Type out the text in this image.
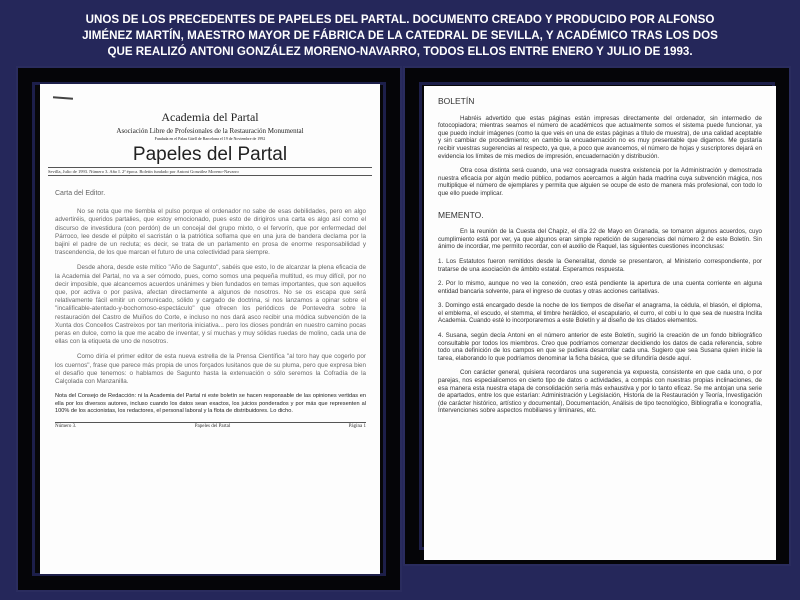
UNOS DE LOS PRECEDENTES DE PAPELES DEL PARTAL. DOCUMENTO CREADO Y PRODUCIDO POR ALFONSO
JIMÉNEZ MARTÍN, MAESTRO MAYOR DE FÁBRICA DE LA CATEDRAL DE SEVILLA, Y ACADÉMICO TRAS LOS DOS
QUE REALIZÓ ANTONI GONZÁLEZ MORENO-NAVARRO, TODOS ELLOS ENTRE ENERO Y JULIO DE 1993.
Academia del Partal
Asociación Libre de Profesionales de la Restauración Monumental
Fundada en el Palau Güell de Barcelona el 19 de Noviembre de 1992
Papeles del Partal
Sevilla, Julio de 1993. Número 3. Año I. 2ª época. Boletín fundado por Antoni González Moreno-Navarro

Carta del Editor.

No se nota que me tiembla el pulso porque el ordenador no sabe de esas debilidades, pero en algo advertiréis, queridos partalies, que estoy emocionado, pues esto de dirigiros una carta es algo así como el discurso de investidura (con perdón) de un concejal del grupo mixto, o el fervorín, que por enfermedad del Párroco, lee desde el púlpito el sacristán o la patriótica soflama que en una jura de bandera declama por la bajini el padre de un recluta; es decir, se trata de un parlamento en prosa de enorme responsabilidad y trascendencia, de los que marcan el futuro de una colectividad para siempre.

Desde ahora, desde este mítico "Año de Sagunto", sabéis que esto, lo de alcanzar la plena eficacia de la Academia del Partal, no va a ser cómodo, pues, como somos una pequeña multitud, es muy difícil, por no decir imposible, que alcancemos acuerdos unánimes y bien fundados en temas importantes, que son aquellos que, por activa o por pasiva, afectan directamente a algunos de nosotros. No se os escapa que será relativamente fácil emitir un comunicado, sólido y cargado de doctrina, si nos lanzamos a opinar sobre el "incalificable-atentado-y-bochornoso-espectáculo" que ofrecen los periódicos de Pontevedra sobre la restauración del Castro de Muiños do Corte, e incluso no nos dará asco recibir una módica subvención de la Xunta dos Concellos Castreixos por tan meritoria iniciativa... pero los dioses pondrán en nuestro camino pocas peras en dulce, como la que me acabo de inventar, y sí muchas y muy sólidas ruedas de molino, cada una de ellas con la etiqueta de uno de nosotros.

Como diría el primer editor de esta nueva estrella de la Prensa Científica "al toro hay que cogerlo por los cuernos", frase que parece más propia de unos forçados lusitanos que de su pluma, pero que expresa bien el desafío que tenemos: o hablamos de Sagunto hasta la extenuación o sólo seremos la Cofradía de la Calçolada con Manzanilla.

Nota del Consejo de Redacción: ni la Academia del Partal ni este boletín se hacen responsable de las opiniones vertidas en ella por los diversos autores, incluso cuando los datos sean exactos, los juicios ponderados y por más que representen al 100% de los accionistas, los redactores, el personal laboral y la flota de distribuidores. Lo dicho.

Número 3.	Papeles del Partal	Página 1
BOLETÍN

Habréis advertido que estas páginas están impresas directamente del ordenador, sin intermedio de fotocopiadora; mientras seamos el número de académicos que actualmente somos el sistema puede funcionar, ya que puedo incluir imágenes (como la que veis en una de estas páginas a título de muestra), de una calidad aceptable y sin cambiar de procedimiento; en cambio la encuadernación no es muy presentable que digamos. Me gustaría recibir vuestras sugerencias al respecto, ya que, a poco que avancemos, el número de hojas y suscriptores dejará en evidencia los límites de mis medios de impresión, encuadernación y distribución.

Otra cosa distinta será cuando, una vez consagrada nuestra existencia por la Administración y demostrada nuestra eficacia por algún medio público, podamos acercarnos a algún hada madrina cuya subvención mágica, nos multiplique el número de ejemplares y permita que alguien se ocupe de esto de manera más profesional, con todo lo que ello puede implicar.

MEMENTO.

En la reunión de la Cuesta del Chapiz, el día 22 de Mayo en Granada, se tomaron algunos acuerdos, cuyo cumplimiento está por ver, ya que algunos eran simple repetición de sugerencias del número 2 de este Boletín. Sin ánimo de incordiar, me permito recordar, con el auxilio de Raquel, las siguientes cuestiones inconclusas:

1. Los Estatutos fueron remitidos desde la Generalitat, donde se presentaron, al Ministerio correspondiente, por tratarse de una asociación de ámbito estatal. Esperamos respuesta.

2. Por lo mismo, aunque no veo la conexión, creo está pendiente la apertura de una cuenta corriente en alguna entidad bancaria solvente, para el ingreso de cuotas y otras acciones caritativas.

3. Domingo está encargado desde la noche de los tiempos de diseñar el anagrama, la cédula, el blasón, el diploma, el emblema, el escudo, el stemma, el timbre heráldico, el escapulario, el curro, el cobi u lo que sea de nuestra Inclita Academia. Cuando esté lo incorporaremos a este Boletín y al diseño de los citados elementos.

4. Susana, según decía Antoni en el número anterior de este Boletín, sugirió la creación de un fondo bibliográfico consultable por todos los miembros. Creo que podríamos comenzar decidiendo los datos de cada referencia, sobre todo una definición de los campos en que se pudiera desarrollar cada una. Sugiero que sea Susana quien inicie la tarea, elaborando lo que podríamos denominar la ficha básica, que se difundiría desde aquí.

Con carácter general, quisiera recordaros una sugerencia ya expuesta, consistente en que cada uno, o por parejas, nos especialicemos en cierto tipo de datos o actividades, a compás con nuestras propias inclinaciones, de esa manera esta nuestra etapa de consolidación sería más exhaustiva y por lo tanto eficaz. Se me antojan una serie de apartados, entre los que estarían: Administración y Legislación, Historia de la Restauración y Teoría, Investigación (de carácter histórico, artístico y documental), Documentación, Análisis de tipo tecnológico, Bibliografía e Iconografía, Intervenciones sobre aspectos mobiliares y liminares, etc.
